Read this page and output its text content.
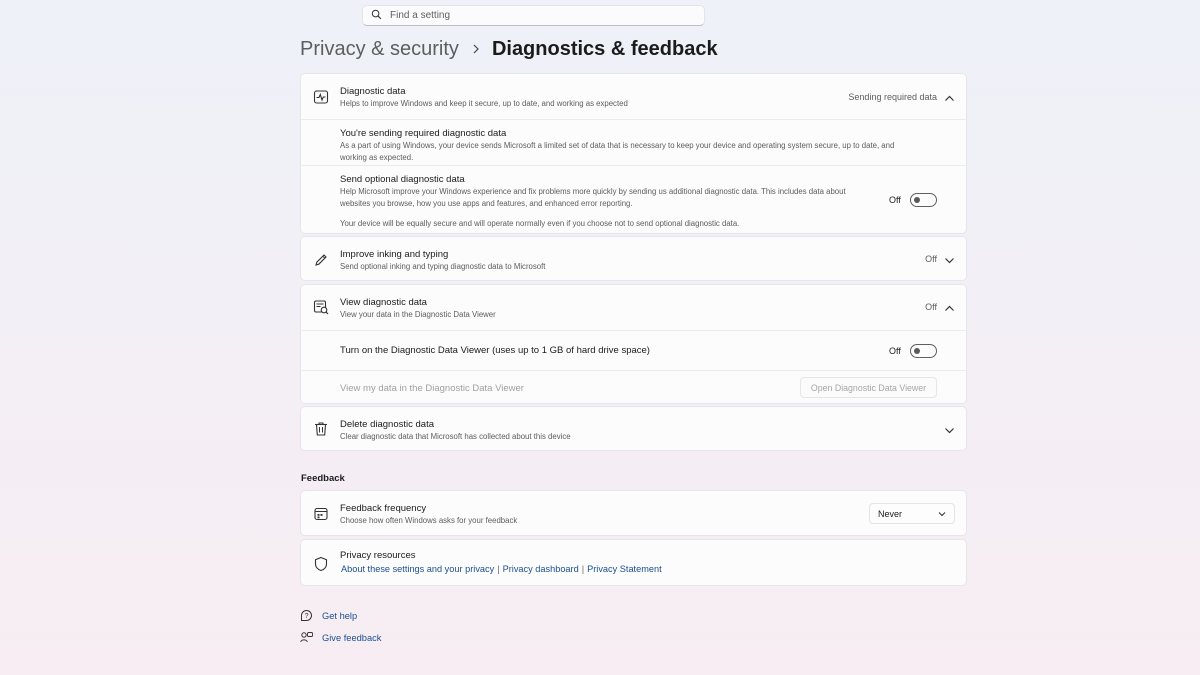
Find a setting
Privacy & security Diagnostics & feedback
Diagnostic data
Helps to improve Windows and keep it secure, up to date, and working as expected
Sending required data
You're sending required diagnostic data
As a part of using Windows, your device sends Microsoft a limited set of data that is necessary to keep your device and operating system secure, up to date, and
working as expected.
Send optional diagnostic data
Help Microsoft improve your Windows experience and fix problems more quickly by sending us additional diagnostic data. This includes data about
websites you browse, how you use apps and features, and enhanced error reporting.
Your device will be equally secure and will operate normally even if you choose not to send optional diagnostic data.
Off
Improve inking and typing
Send optional inking and typing diagnostic data to Microsoft
Off
View diagnostic data
View your data in the Diagnostic Data Viewer
Off
Turn on the Diagnostic Data Viewer (uses up to 1 GB of hard drive space)	Off
View my data in the Diagnostic Data Viewer	Open Diagnostic Data Viewer
Delete diagnostic data
Clear diagnostic data that Microsoft has collected about this device
Feedback
Feedback frequency
Choose how often Windows asks for your feedback
Never
Privacy resources
About these settings and your privacy | Privacy dashboard | Privacy Statement
? Get help
Give feedback
